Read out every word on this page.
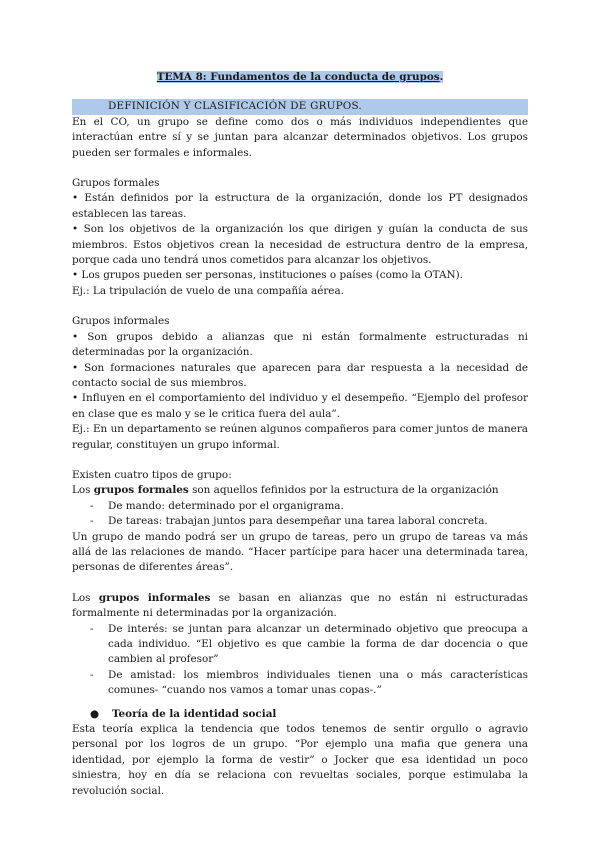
TEMA 8: Fundamentos de la conducta de grupos.
DEFINICIÓN Y CLASIFICACIÓN DE GRUPOS.

En el CO, un grupo se define como dos o más individuos independientes que interactúan entre sí y se juntan para alcanzar determinados objetivos. Los grupos pueden ser formales e informales.

Grupos formales

• Están definidos por la estructura de la organización, donde los PT designados establecen las tareas.

• Son los objetivos de la organización los que dirigen y guían la conducta de sus miembros. Estos objetivos crean la necesidad de estructura dentro de la empresa, porque cada uno tendrá unos cometidos para alcanzar los objetivos.

• Los grupos pueden ser personas, instituciones o países (como la OTAN).

Ej.: La tripulación de vuelo de una compañía aérea.

Grupos informales

• Son grupos debido a alianzas que ni están formalmente estructuradas ni determinadas por la organización.

• Son formaciones naturales que aparecen para dar respuesta a la necesidad de contacto social de sus miembros.

• Influyen en el comportamiento del individuo y el desempeño. “Ejemplo del profesor en clase que es malo y se le critica fuera del aula”.

Ej.: En un departamento se reúnen algunos compañeros para comer juntos de manera regular, constituyen un grupo informal.

Existen cuatro tipos de grupo:

Los grupos formales son aquellos fefinidos por la estructura de la organización

- De mando: determinado por el organigrama.
- De tareas: trabajan juntos para desempeñar una tarea laboral concreta.

Un grupo de mando podrá ser un grupo de tareas, pero un grupo de tareas va más allá de las relaciones de mando. “Hacer partícipe para hacer una determinada tarea, personas de diferentes áreas”.

Los grupos informales se basan en alianzas que no están ni estructuradas formalmente ni determinadas por la organización.

- De interés: se juntan para alcanzar un determinado objetivo que preocupa a cada individuo. “El objetivo es que cambie la forma de dar docencia o que cambien al profesor”
- De amistad: los miembros individuales tienen una o más características comunes- “cuando nos vamos a tomar unas copas-.”
● Teoría de la identidad social

Esta teoría explica la tendencia que todos tenemos de sentir orgullo o agravio personal por los logros de un grupo. “Por ejemplo una mafia que genera una identidad, por ejemplo la forma de vestir” o Jocker que esa identidad un poco siniestra, hoy en día se relaciona con revueltas sociales, porque estimulaba la revolución social.
